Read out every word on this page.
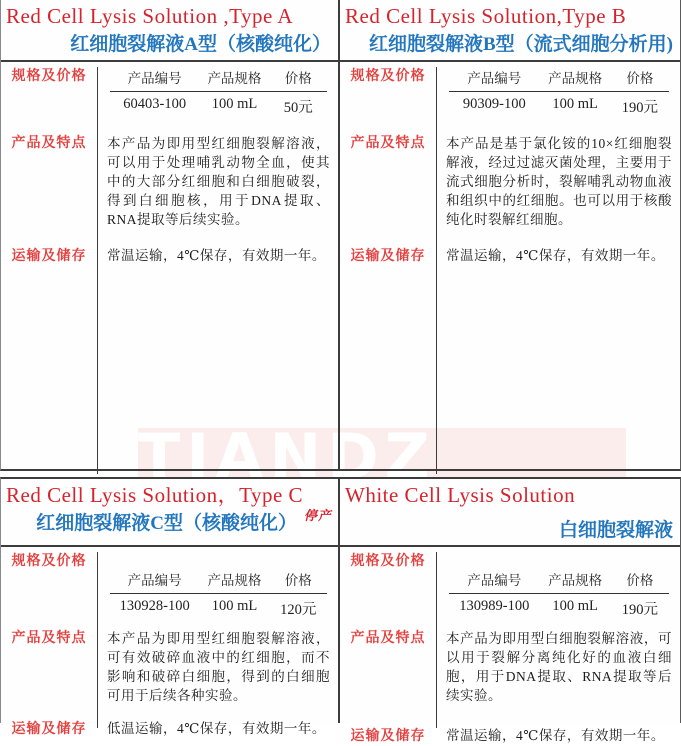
TIANDZ
Red Cell Lysis Solution ,Type A
红细胞裂解液A型（核酸纯化）
规格及价格	产品编号	产品规格	价格
60403-100	100 mL	50元
产品及特点	本产品为即用型红细胞裂解溶液，可以用于处理哺乳动物全血，使其中的大部分红细胞和白细胞破裂，得到白细胞核，用于DNA提取、RNA提取等后续实验。
运输及储存	常温运输，4℃保存，有效期一年。
Red Cell Lysis Solution,Type B
红细胞裂解液B型（流式细胞分析用)
规格及价格	产品编号	产品规格	价格
90309-100	100 mL	190元
产品及特点	本产品是基于氯化铵的10×红细胞裂解液，经过过滤灭菌处理，主要用于流式细胞分析时，裂解哺乳动物血液和组织中的红细胞。也可以用于核酸纯化时裂解红细胞。
运输及储存	常温运输，4℃保存，有效期一年。
Red Cell Lysis Solution，Type C
红细胞裂解液C型（核酸纯化） 停产
规格及价格
产品编号	产品规格	价格
130928-100	100 mL	120元
产品及特点	本产品为即用型红细胞裂解溶液，可有效破碎血液中的红细胞，而不影响和破碎白细胞，得到的白细胞可用于后续各种实验。
运输及储存	低温运输，4℃保存，有效期一年。
White Cell Lysis Solution
白细胞裂解液
规格及价格
产品编号	产品规格	价格
130989-100	100 mL	190元
产品及特点	本产品为即用型白细胞裂解溶液，可以用于裂解分离纯化好的血液白细胞，用于DNA提取、RNA提取等后续实验。
运输及储存	常温运输，4℃保存，有效期一年。
